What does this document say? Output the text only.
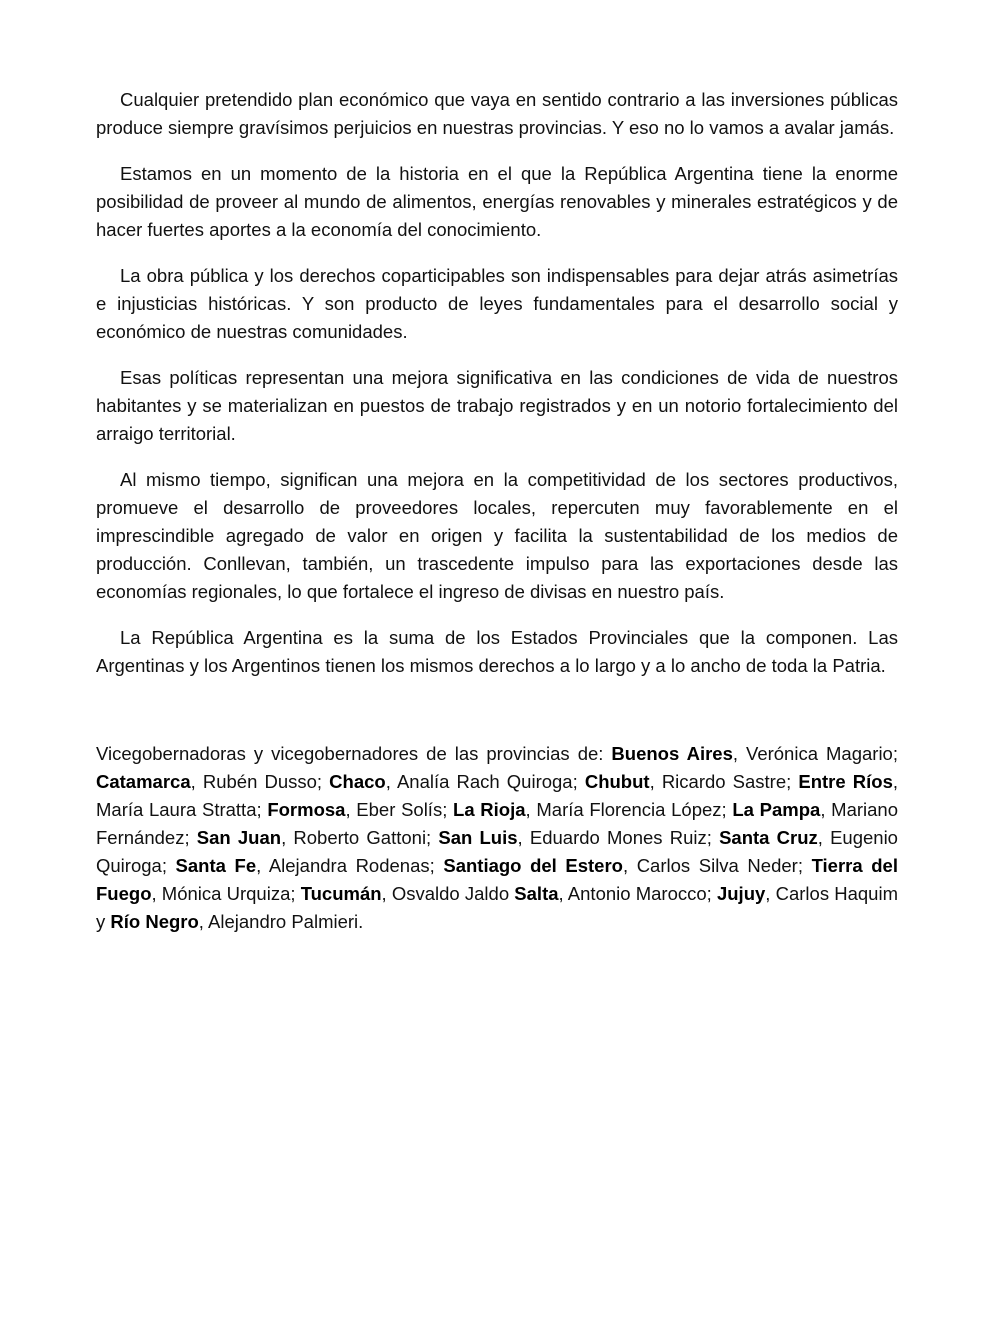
Cualquier pretendido plan económico que vaya en sentido contrario a las inversiones públicas produce siempre gravísimos perjuicios en nuestras provincias. Y eso no lo vamos a avalar jamás.

Estamos en un momento de la historia en el que la República Argentina tiene la enorme posibilidad de proveer al mundo de alimentos, energías renovables y minerales estratégicos y de hacer fuertes aportes a la economía del conocimiento.

La obra pública y los derechos coparticipables son indispensables para dejar atrás asimetrías e injusticias históricas. Y son producto de leyes fundamentales para el desarrollo social y económico de nuestras comunidades.

Esas políticas representan una mejora significativa en las condiciones de vida de nuestros habitantes y se materializan en puestos de trabajo registrados y en un notorio fortalecimiento del arraigo territorial.

Al mismo tiempo, significan una mejora en la competitividad de los sectores productivos, promueve el desarrollo de proveedores locales, repercuten muy favorablemente en el imprescindible agregado de valor en origen y facilita la sustentabilidad de los medios de producción. Conllevan, también, un trascedente impulso para las exportaciones desde las economías regionales, lo que fortalece el ingreso de divisas en nuestro país.

La República Argentina es la suma de los Estados Provinciales que la componen. Las Argentinas y los Argentinos tienen los mismos derechos a lo largo y a lo ancho de toda la Patria.

Vicegobernadoras y vicegobernadores de las provincias de: Buenos Aires, Verónica Magario; Catamarca, Rubén Dusso; Chaco, Analía Rach Quiroga; Chubut, Ricardo Sastre; Entre Ríos, María Laura Stratta; Formosa, Eber Solís; La Rioja, María Florencia López; La Pampa, Mariano Fernández; San Juan, Roberto Gattoni; San Luis, Eduardo Mones Ruiz; Santa Cruz, Eugenio Quiroga; Santa Fe, Alejandra Rodenas; Santiago del Estero, Carlos Silva Neder; Tierra del Fuego, Mónica Urquiza; Tucumán, Osvaldo Jaldo Salta, Antonio Marocco; Jujuy, Carlos Haquim y Río Negro, Alejandro Palmieri.
